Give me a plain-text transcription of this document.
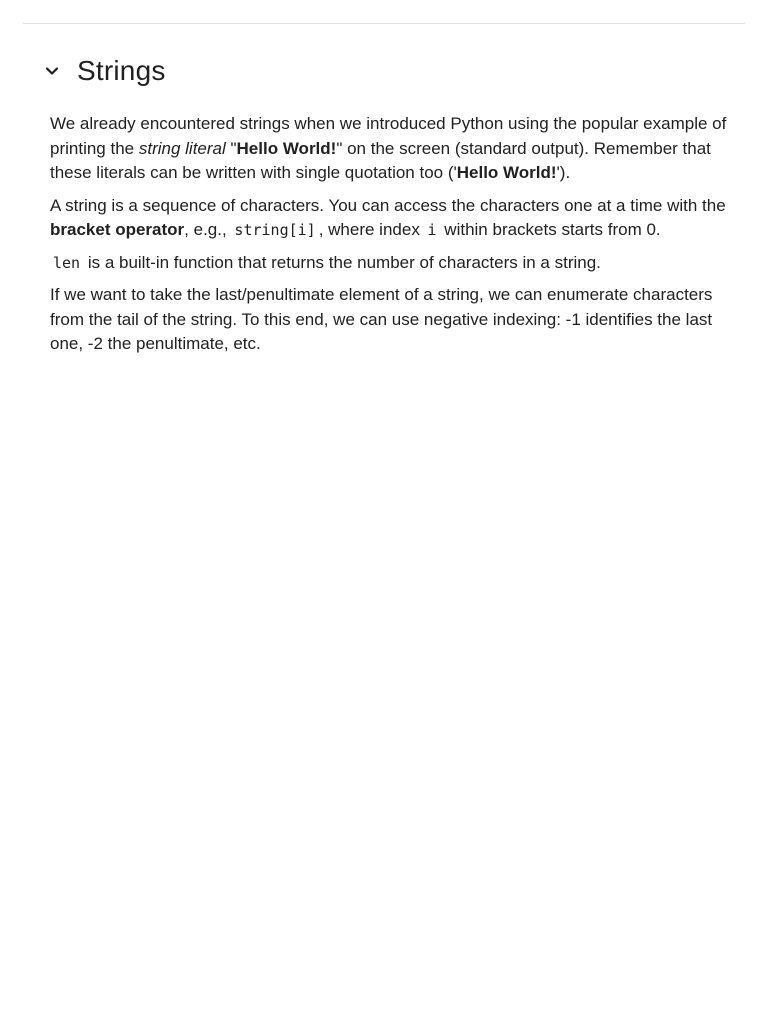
Strings

We already encountered strings when we introduced Python using the popular example of printing the string literal "Hello World!" on the screen (standard output). Remember that these literals can be written with single quotation too ('Hello World!').

A string is a sequence of characters. You can access the characters one at a time with the bracket operator, e.g., string[i] , where index i within brackets starts from 0.

len is a built-in function that returns the number of characters in a string.

If we want to take the last/penultimate element of a string, we can enumerate characters from the tail of the string. To this end, we can use negative indexing: -1 identifies the last one, -2 the penultimate, etc.
